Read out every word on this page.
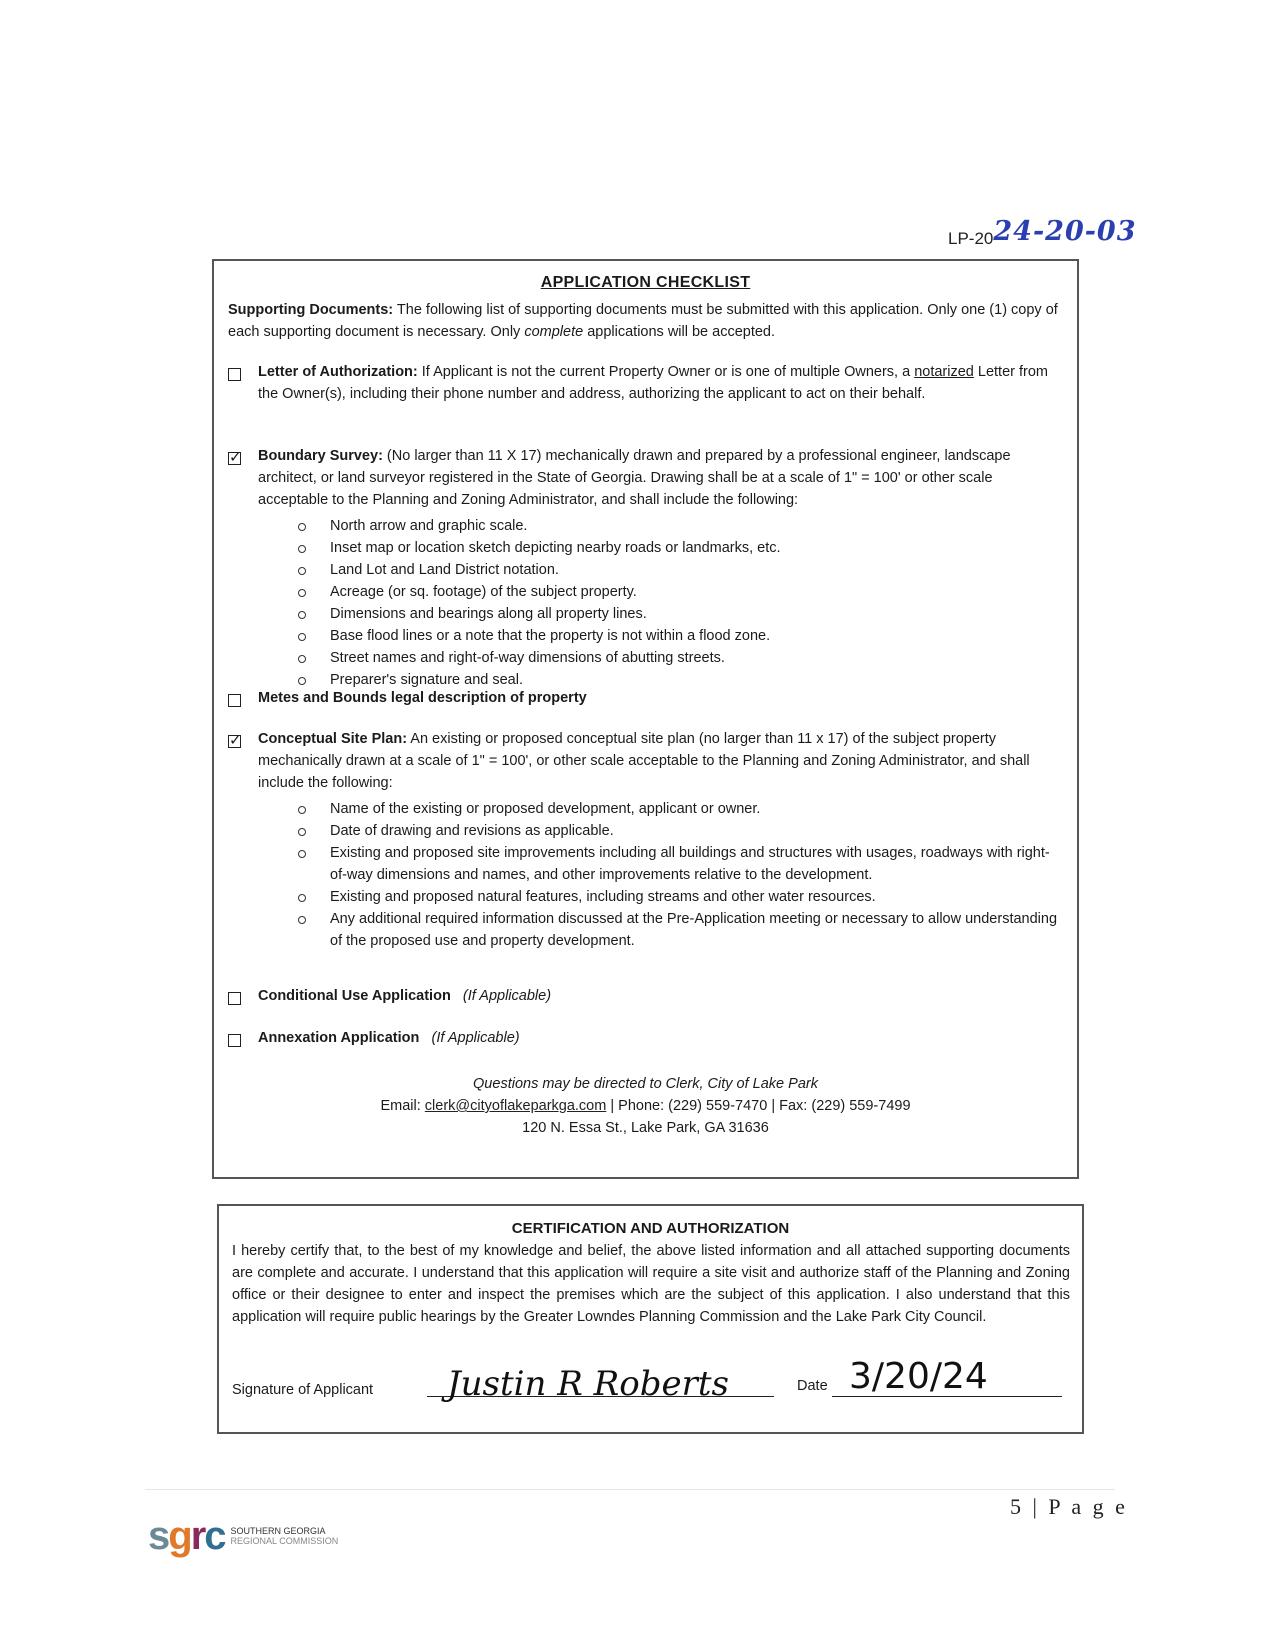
LP-2024-20-03
APPLICATION CHECKLIST
Supporting Documents: The following list of supporting documents must be submitted with this application. Only one (1) copy of each supporting document is necessary. Only complete applications will be accepted.
Letter of Authorization: If Applicant is not the current Property Owner or is one of multiple Owners, a notarized Letter from the Owner(s), including their phone number and address, authorizing the applicant to act on their behalf.
✓ Boundary Survey: (No larger than 11 X 17) mechanically drawn and prepared by a professional engineer, landscape architect, or land surveyor registered in the State of Georgia. Drawing shall be at a scale of 1" = 100' or other scale acceptable to the Planning and Zoning Administrator, and shall include the following:
North arrow and graphic scale.
Inset map or location sketch depicting nearby roads or landmarks, etc.
Land Lot and Land District notation.
Acreage (or sq. footage) of the subject property.
Dimensions and bearings along all property lines.
Base flood lines or a note that the property is not within a flood zone.
Street names and right-of-way dimensions of abutting streets.
Preparer's signature and seal.
Metes and Bounds legal description of property
✓ Conceptual Site Plan: An existing or proposed conceptual site plan (no larger than 11 x 17) of the subject property mechanically drawn at a scale of 1" = 100', or other scale acceptable to the Planning and Zoning Administrator, and shall include the following:
Name of the existing or proposed development, applicant or owner.
Date of drawing and revisions as applicable.
Existing and proposed site improvements including all buildings and structures with usages, roadways with right-of-way dimensions and names, and other improvements relative to the development.
Existing and proposed natural features, including streams and other water resources.
Any additional required information discussed at the Pre-Application meeting or necessary to allow understanding of the proposed use and property development.
Conditional Use Application (If Applicable)
Annexation Application (If Applicable)
Questions may be directed to Clerk, City of Lake Park
Email: clerk@cityoflakeparkga.com | Phone: (229) 559-7470 | Fax: (229) 559-7499
120 N. Essa St., Lake Park, GA 31636
CERTIFICATION AND AUTHORIZATION
I hereby certify that, to the best of my knowledge and belief, the above listed information and all attached supporting documents are complete and accurate. I understand that this application will require a site visit and authorize staff of the Planning and Zoning office or their designee to enter and inspect the premises which are the subject of this application. I also understand that this application will require public hearings by the Greater Lowndes Planning Commission and the Lake Park City Council.
Signature of Applicant Justin R Roberts	Date 3/20/24
5 | P a g e
sgrc SOUTHERN GEORGIA
REGIONAL COMMISSION
